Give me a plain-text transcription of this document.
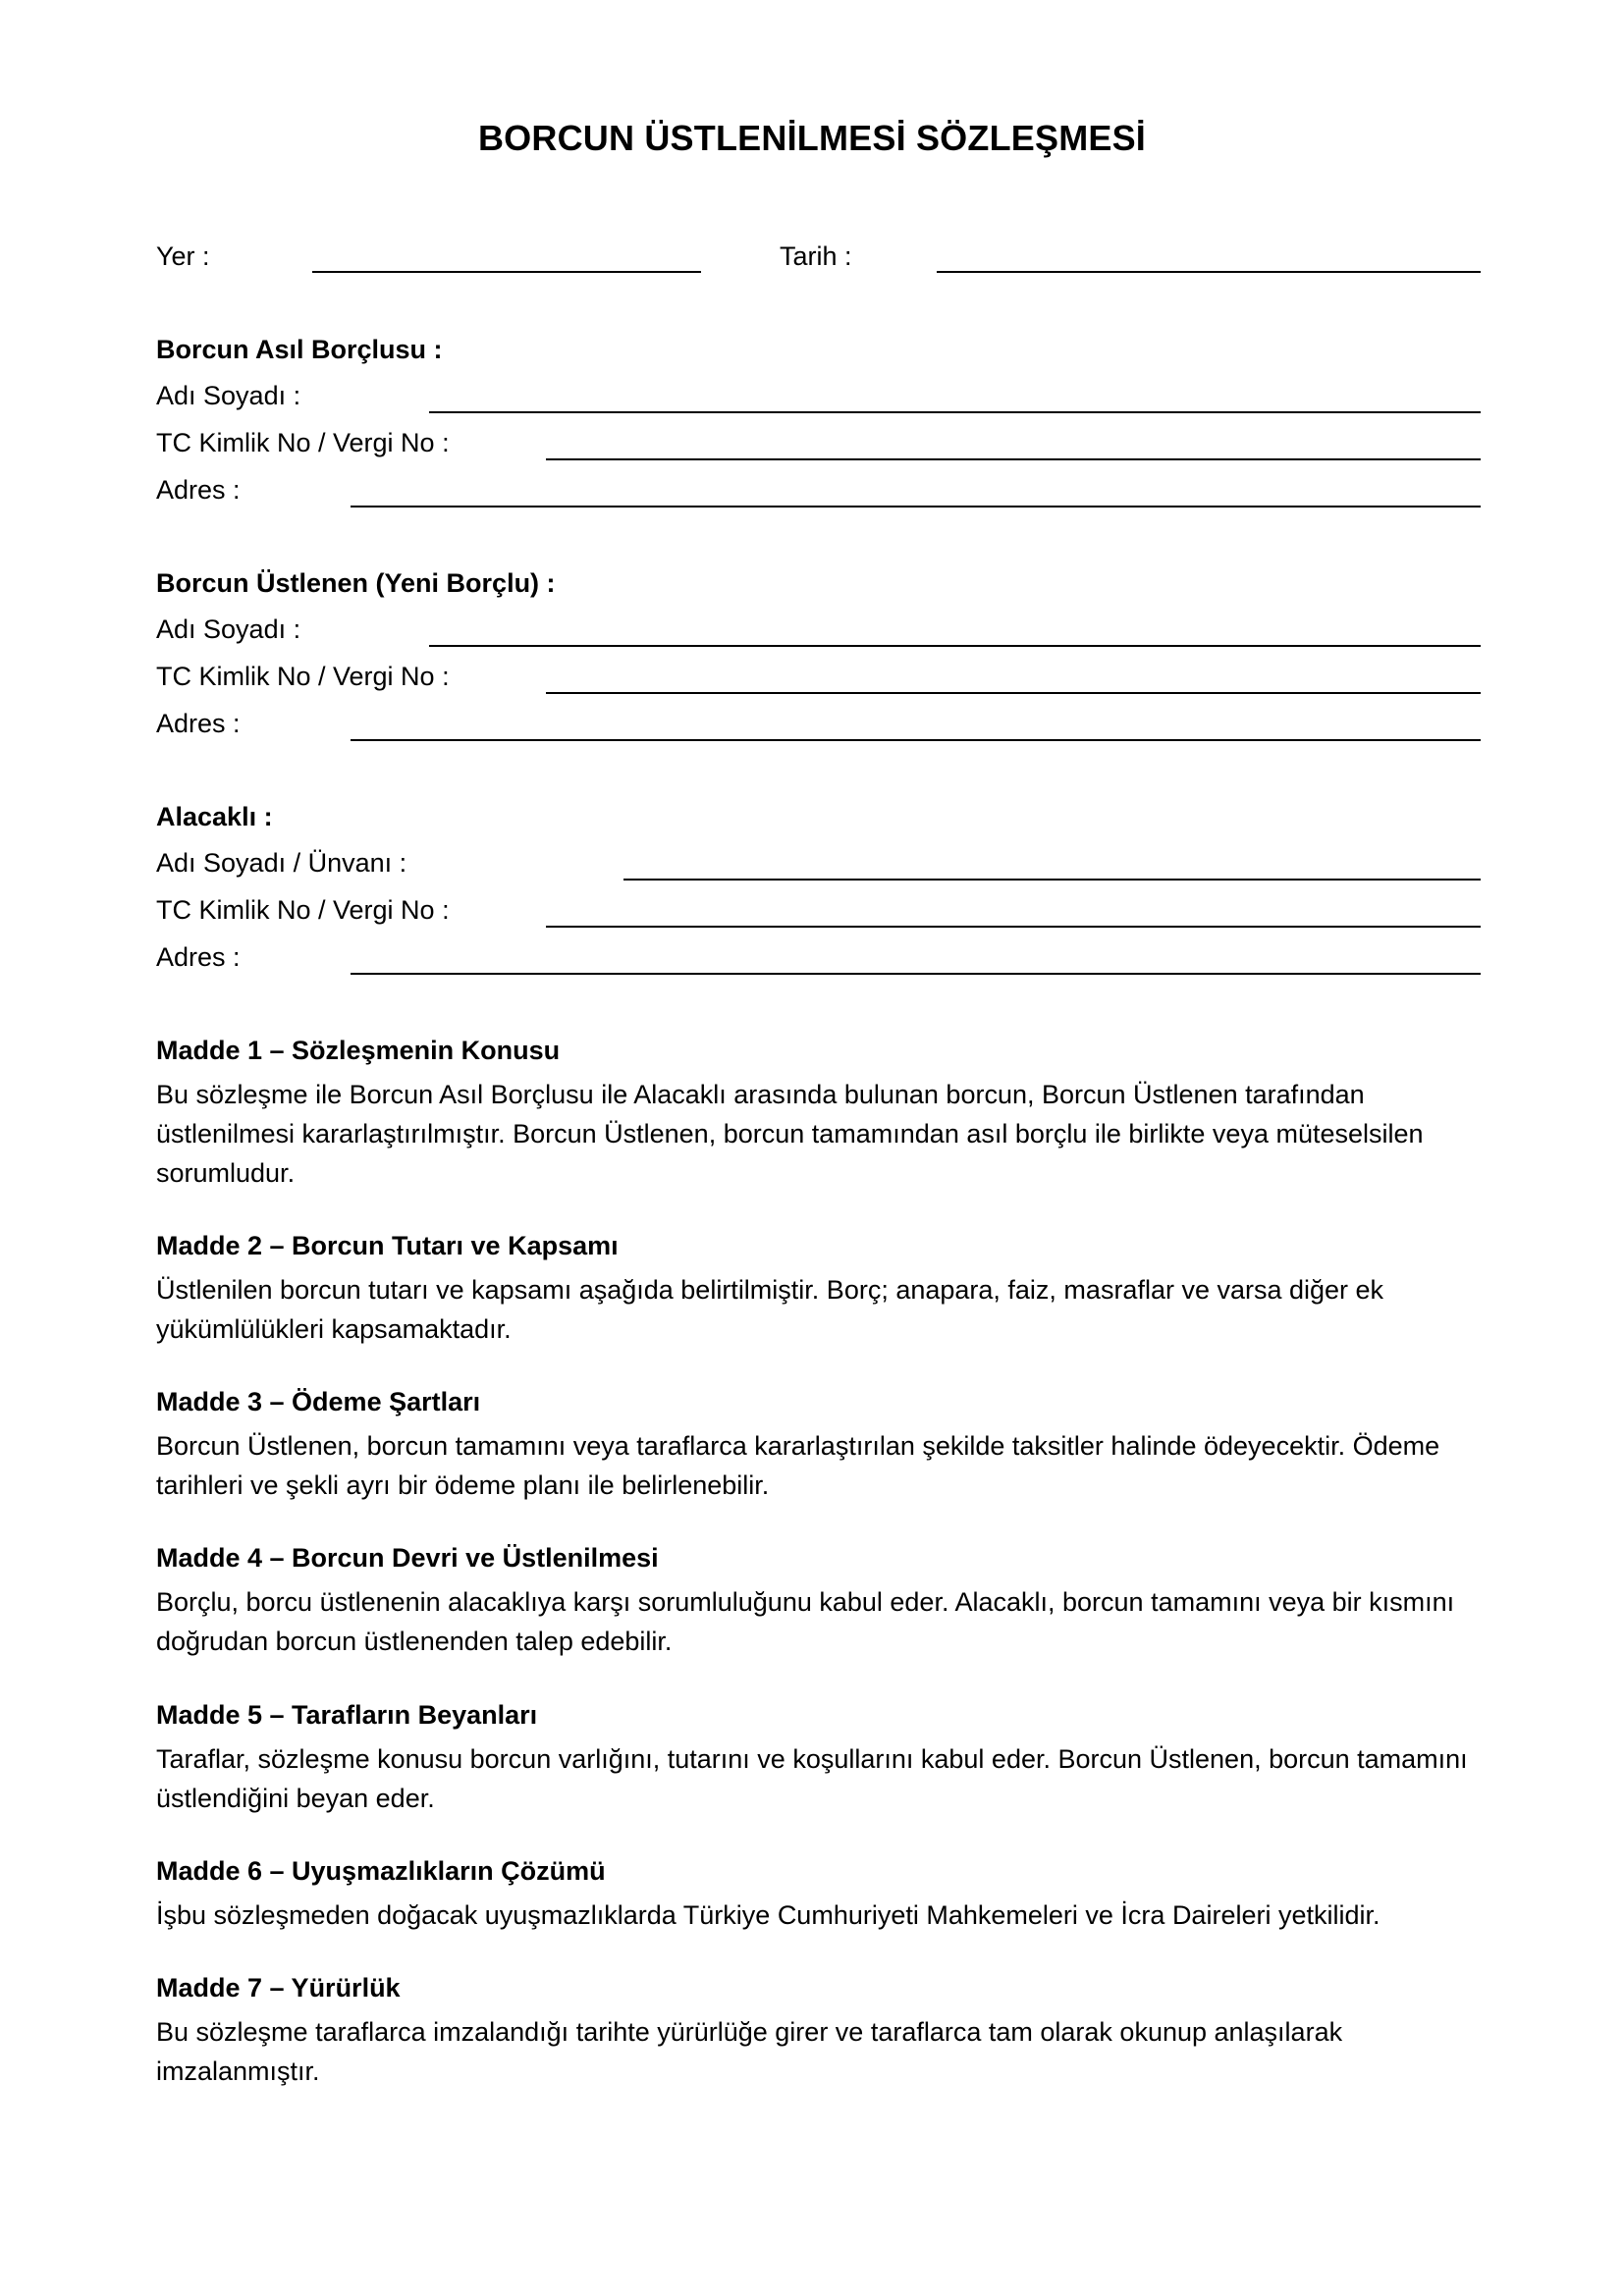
BORCUN ÜSTLENİLMESİ SÖZLEŞMESİ
Yer :	Tarih :
Borcun Asıl Borçlusu :
Adı Soyadı :
TC Kimlik No / Vergi No :
Adres :
Borcun Üstlenen (Yeni Borçlu) :
Adı Soyadı :
TC Kimlik No / Vergi No :
Adres :
Alacaklı :
Adı Soyadı / Ünvanı :
TC Kimlik No / Vergi No :
Adres :
Madde 1 – Sözleşmenin Konusu
Bu sözleşme ile Borcun Asıl Borçlusu ile Alacaklı arasında bulunan borcun, Borcun Üstlenen tarafından üstlenilmesi kararlaştırılmıştır. Borcun Üstlenen, borcun tamamından asıl borçlu ile birlikte veya müteselsilen sorumludur.
Madde 2 – Borcun Tutarı ve Kapsamı
Üstlenilen borcun tutarı ve kapsamı aşağıda belirtilmiştir. Borç; anapara, faiz, masraflar ve varsa diğer ek yükümlülükleri kapsamaktadır.
Madde 3 – Ödeme Şartları
Borcun Üstlenen, borcun tamamını veya taraflarca kararlaştırılan şekilde taksitler halinde ödeyecektir. Ödeme tarihleri ve şekli ayrı bir ödeme planı ile belirlenebilir.
Madde 4 – Borcun Devri ve Üstlenilmesi
Borçlu, borcu üstlenenin alacaklıya karşı sorumluluğunu kabul eder. Alacaklı, borcun tamamını veya bir kısmını doğrudan borcun üstlenenden talep edebilir.
Madde 5 – Tarafların Beyanları
Taraflar, sözleşme konusu borcun varlığını, tutarını ve koşullarını kabul eder. Borcun Üstlenen, borcun tamamını üstlendiğini beyan eder.
Madde 6 – Uyuşmazlıkların Çözümü
İşbu sözleşmeden doğacak uyuşmazlıklarda Türkiye Cumhuriyeti Mahkemeleri ve İcra Daireleri yetkilidir.
Madde 7 – Yürürlük
Bu sözleşme taraflarca imzalandığı tarihte yürürlüğe girer ve taraflarca tam olarak okunup anlaşılarak imzalanmıştır.
